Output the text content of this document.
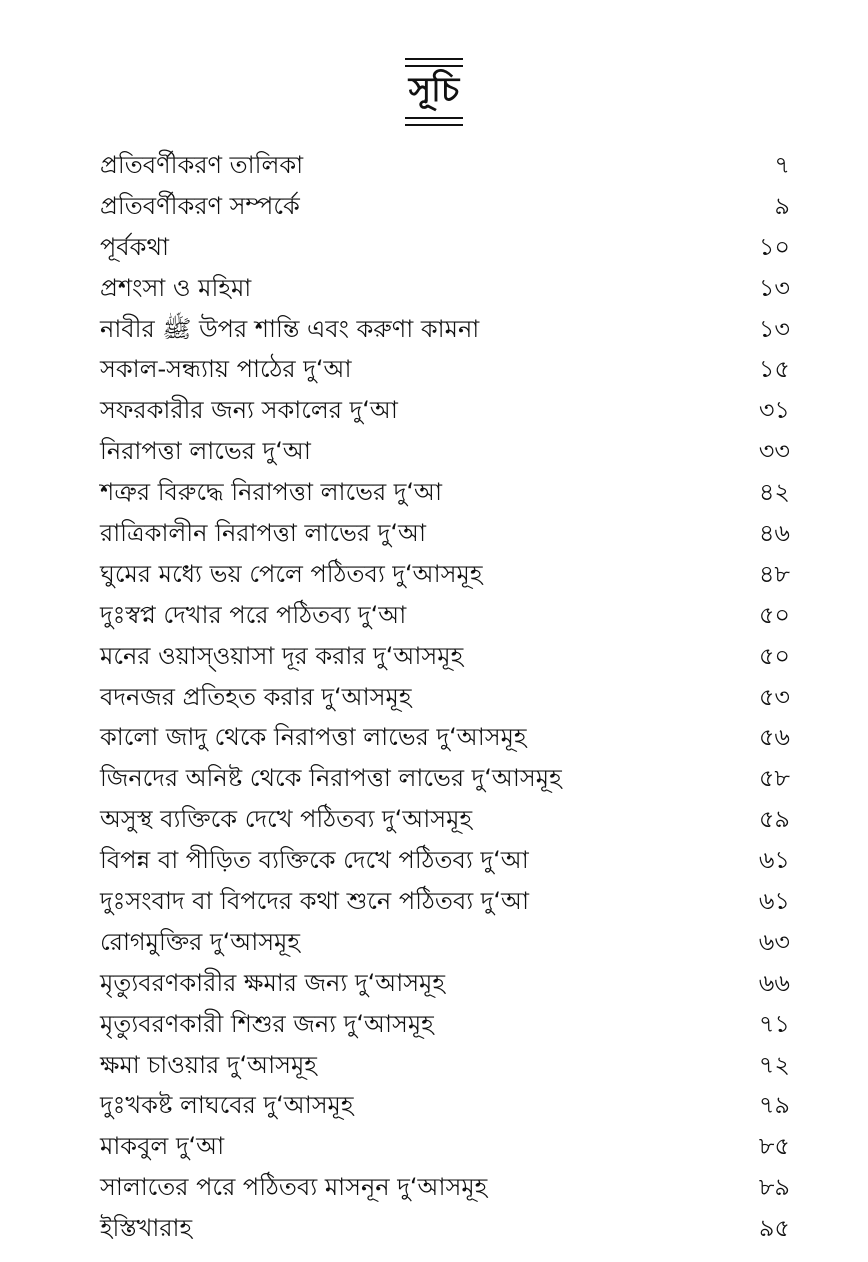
সূচি
প্রতিবর্ণীকরণ তালিকা	৭
প্রতিবর্ণীকরণ সম্পর্কে	৯
পূর্বকথা	১০
প্রশংসা ও মহিমা	১৩
নাবীর ﷺ উপর শান্তি এবং করুণা কামনা	১৩
সকাল-সন্ধ্যায় পাঠের দু‘আ	১৫
সফরকারীর জন্য সকালের দু‘আ	৩১
নিরাপত্তা লাভের দু‘আ	৩৩
শত্রুর বিরুদ্ধে নিরাপত্তা লাভের দু‘আ	৪২
রাত্রিকালীন নিরাপত্তা লাভের দু‘আ	৪৬
ঘুমের মধ্যে ভয় পেলে পঠিতব্য দু‘আসমূহ	৪৮
দুঃস্বপ্ন দেখার পরে পঠিতব্য দু‘আ	৫০
মনের ওয়াস্‌ওয়াসা দূর করার দু‘আসমূহ	৫০
বদনজর প্রতিহত করার দু‘আসমূহ	৫৩
কালো জাদু থেকে নিরাপত্তা লাভের দু‘আসমূহ	৫৬
জিনদের অনিষ্ট থেকে নিরাপত্তা লাভের দু‘আসমূহ	৫৮
অসুস্থ ব্যক্তিকে দেখে পঠিতব্য দু‘আসমূহ	৫৯
বিপন্ন বা পীড়িত ব্যক্তিকে দেখে পঠিতব্য দু‘আ	৬১
দুঃসংবাদ বা বিপদের কথা শুনে পঠিতব্য দু‘আ	৬১
রোগমুক্তির দু‘আসমূহ	৬৩
মৃত্যুবরণকারীর ক্ষমার জন্য দু‘আসমূহ	৬৬
মৃত্যুবরণকারী শিশুর জন্য দু‘আসমূহ	৭১
ক্ষমা চাওয়ার দু‘আসমূহ	৭২
দুঃখকষ্ট লাঘবের দু‘আসমূহ	৭৯
মাকবুল দু‘আ	৮৫
সালাতের পরে পঠিতব্য মাসনূন দু‘আসমূহ	৮৯
ইস্তিখারাহ	৯৫
